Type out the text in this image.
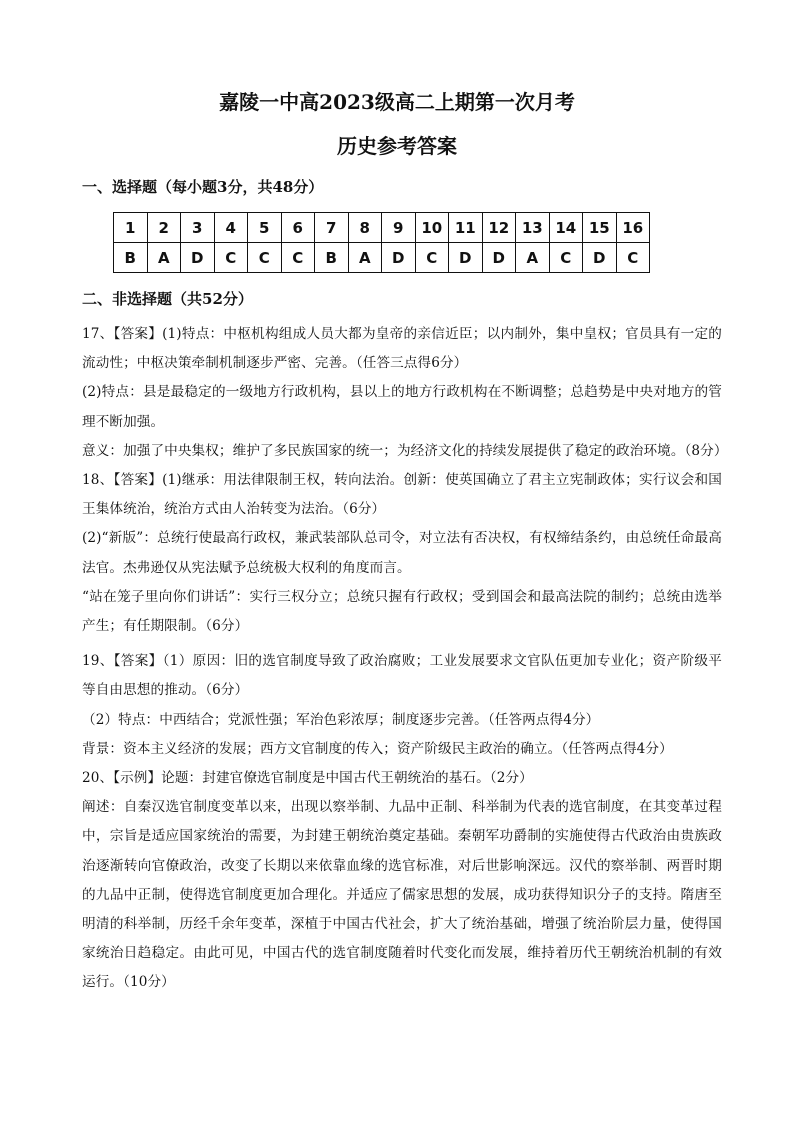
嘉陵一中高2023级高二上期第一次月考
历史参考答案
一、选择题（每小题3分，共48分）
1	2	3	4	5	6	7	8	9	10	11	12	13	14	15	16
B	A	D	C	C	C	B	A	D	C	D	D	A	C	D	C
二、非选择题（共52分）

17、【答案】(1)特点：中枢机构组成人员大都为皇帝的亲信近臣；以内制外，集中皇权；官员具有一定的流动性；中枢决策牵制机制逐步严密、完善。（任答三点得6分）

(2)特点：县是最稳定的一级地方行政机构，县以上的地方行政机构在不断调整；总趋势是中央对地方的管理不断加强。

意义：加强了中央集权；维护了多民族国家的统一；为经济文化的持续发展提供了稳定的政治环境。（8分）

18、【答案】(1)继承：用法律限制王权，转向法治。创新：使英国确立了君主立宪制政体；实行议会和国王集体统治，统治方式由人治转变为法治。（6分）

(2)“新版”：总统行使最高行政权，兼武装部队总司令，对立法有否决权，有权缔结条约，由总统任命最高法官。杰弗逊仅从宪法赋予总统极大权利的角度而言。

“站在笼子里向你们讲话”：实行三权分立；总统只握有行政权；受到国会和最高法院的制约；总统由选举产生；有任期限制。（6分）

19、【答案】（1）原因：旧的选官制度导致了政治腐败；工业发展要求文官队伍更加专业化；资产阶级平等自由思想的推动。（6分）

（2）特点：中西结合；党派性强；军治色彩浓厚；制度逐步完善。（任答两点得4分）

背景：资本主义经济的发展；西方文官制度的传入；资产阶级民主政治的确立。（任答两点得4分）

20、【示例】论题：封建官僚选官制度是中国古代王朝统治的基石。（2分）

阐述：自秦汉选官制度变革以来，出现以察举制、九品中正制、科举制为代表的选官制度，在其变革过程中，宗旨是适应国家统治的需要，为封建王朝统治奠定基础。秦朝军功爵制的实施使得古代政治由贵族政治逐渐转向官僚政治，改变了长期以来依靠血缘的选官标准，对后世影响深远。汉代的察举制、两晋时期的九品中正制，使得选官制度更加合理化。并适应了儒家思想的发展，成功获得知识分子的支持。隋唐至明清的科举制，历经千余年变革，深植于中国古代社会，扩大了统治基础，增强了统治阶层力量，使得国家统治日趋稳定。由此可见，中国古代的选官制度随着时代变化而发展，维持着历代王朝统治机制的有效运行。（10分）
